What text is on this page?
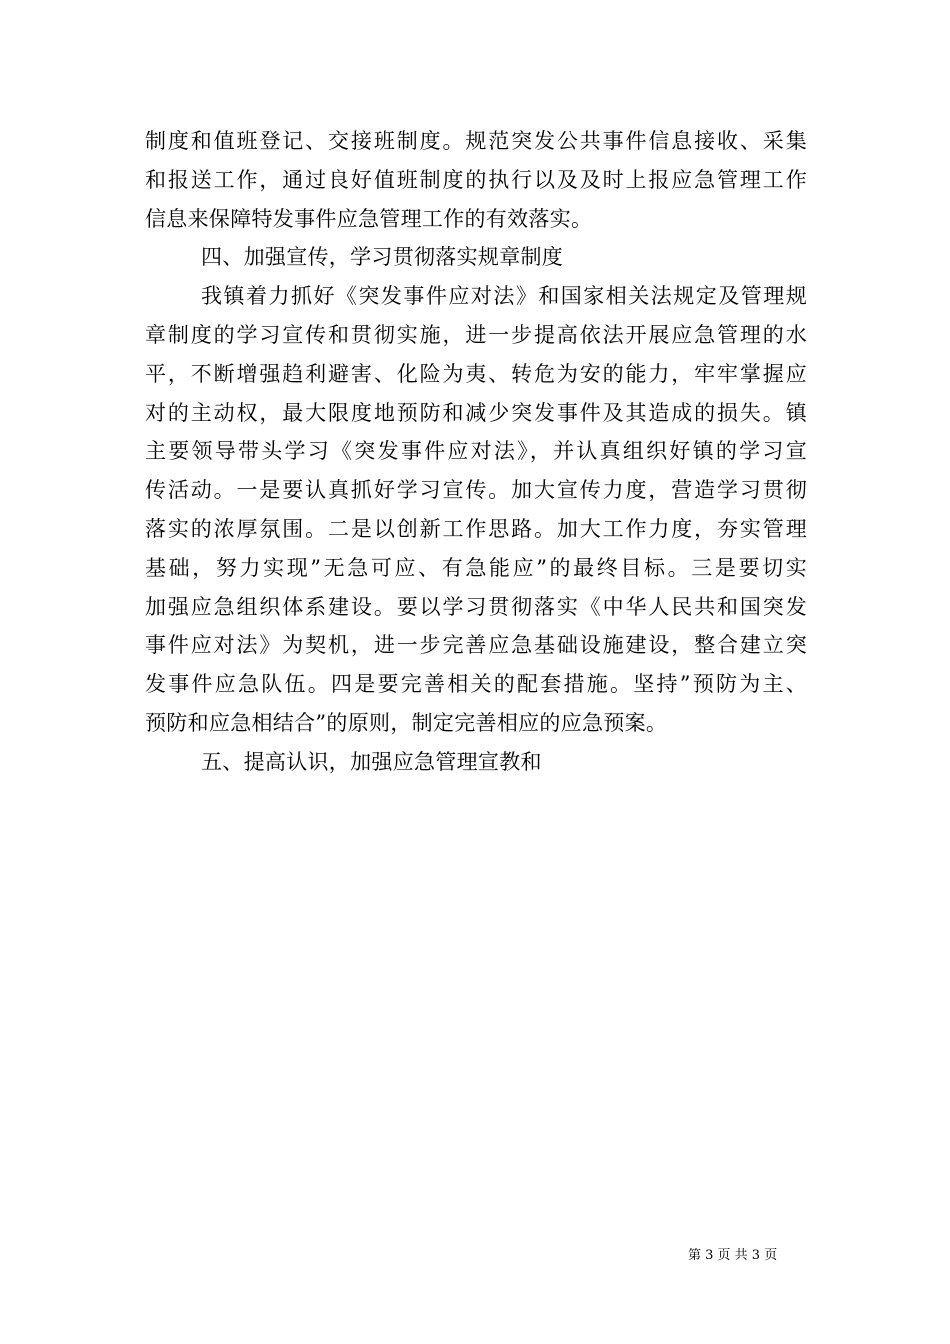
制度和值班登记、交接班制度。规范突发公共事件信息接收、采集
和报送工作，通过良好值班制度的执行以及及时上报应急管理工作
信息来保障特发事件应急管理工作的有效落实。
四、加强宣传，学习贯彻落实规章制度
我镇着力抓好《突发事件应对法》和国家相关法规定及管理规
章制度的学习宣传和贯彻实施，进一步提高依法开展应急管理的水
平，不断增强趋利避害、化险为夷、转危为安的能力，牢牢掌握应
对的主动权，最大限度地预防和减少突发事件及其造成的损失。镇
主要领导带头学习《突发事件应对法》，并认真组织好镇的学习宣
传活动。一是要认真抓好学习宣传。加大宣传力度，营造学习贯彻
落实的浓厚氛围。二是以创新工作思路。加大工作力度，夯实管理
基础，努力实现”无急可应、有急能应”的最终目标。三是要切实
加强应急组织体系建设。要以学习贯彻落实《中华人民共和国突发
事件应对法》为契机，进一步完善应急基础设施建设，整合建立突
发事件应急队伍。四是要完善相关的配套措施。坚持”预防为主、
预防和应急相结合”的原则，制定完善相应的应急预案。
五、提高认识，加强应急管理宣教和
第 3 页 共 3 页
